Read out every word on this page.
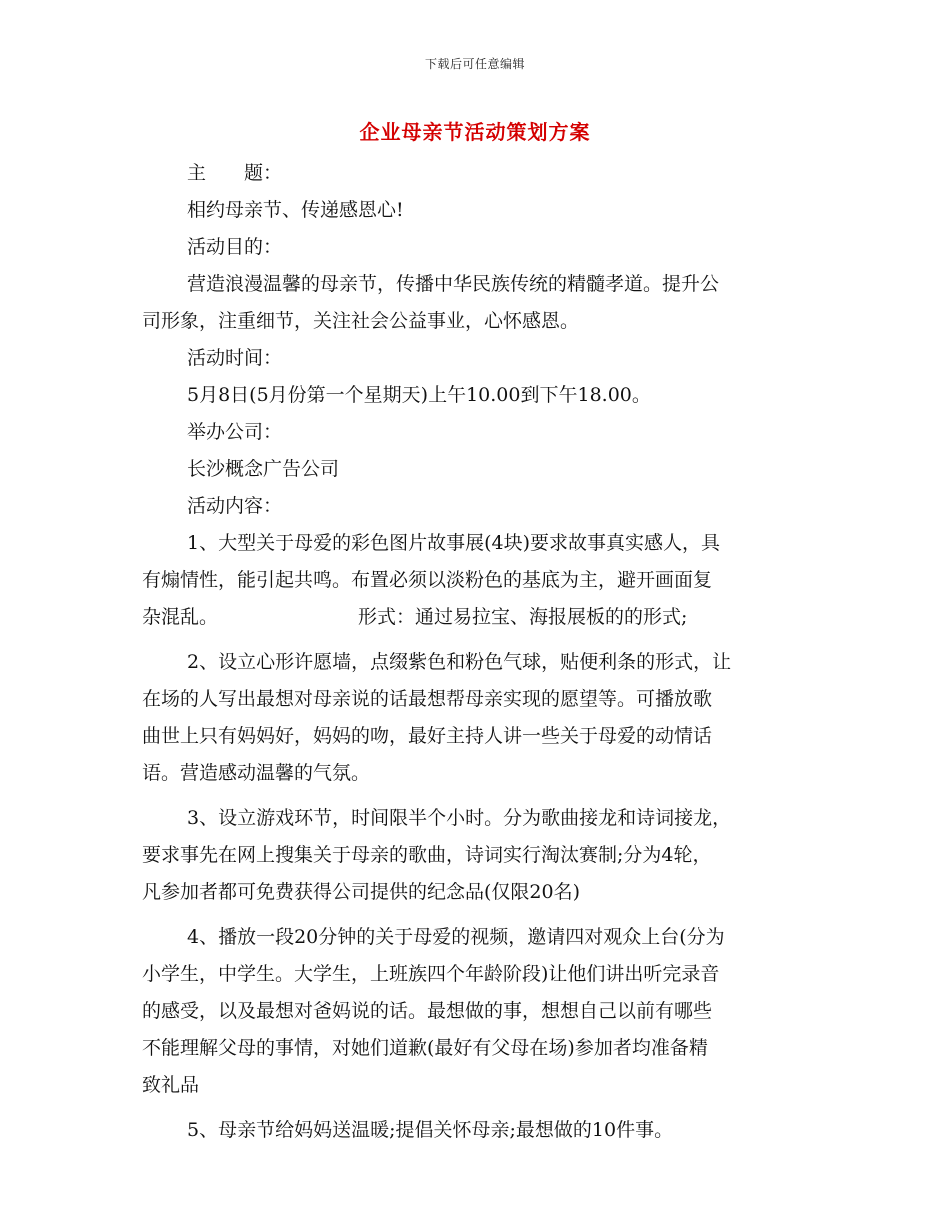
下载后可任意编辑
企业母亲节活动策划方案
主　　题：
相约母亲节、传递感恩心!
活动目的：
营造浪漫温馨的母亲节，传播中华民族传统的精髓孝道。提升公
司形象，注重细节，关注社会公益事业，心怀感恩。
活动时间：
5月8日(5月份第一个星期天)上午10.00到下午18.00。
举办公司：
长沙概念广告公司
活动内容：
1、大型关于母爱的彩色图片故事展(4块)要求故事真实感人，具
有煽情性，能引起共鸣。布置必须以淡粉色的基底为主，避开画面复
杂混乱。	形式：通过易拉宝、海报展板的的形式;
2、设立心形许愿墙，点缀紫色和粉色气球，贴便利条的形式，让
在场的人写出最想对母亲说的话最想帮母亲实现的愿望等。可播放歌
曲世上只有妈妈好，妈妈的吻，最好主持人讲一些关于母爱的动情话
语。营造感动温馨的气氛。
3、设立游戏环节，时间限半个小时。分为歌曲接龙和诗词接龙，
要求事先在网上搜集关于母亲的歌曲，诗词实行淘汰赛制;分为4轮，
凡参加者都可免费获得公司提供的纪念品(仅限20名)
4、播放一段20分钟的关于母爱的视频，邀请四对观众上台(分为
小学生，中学生。大学生，上班族四个年龄阶段)让他们讲出听完录音
的感受，以及最想对爸妈说的话。最想做的事，想想自己以前有哪些
不能理解父母的事情，对她们道歉(最好有父母在场)参加者均准备精
致礼品
5、母亲节给妈妈送温暖;提倡关怀母亲;最想做的10件事。
